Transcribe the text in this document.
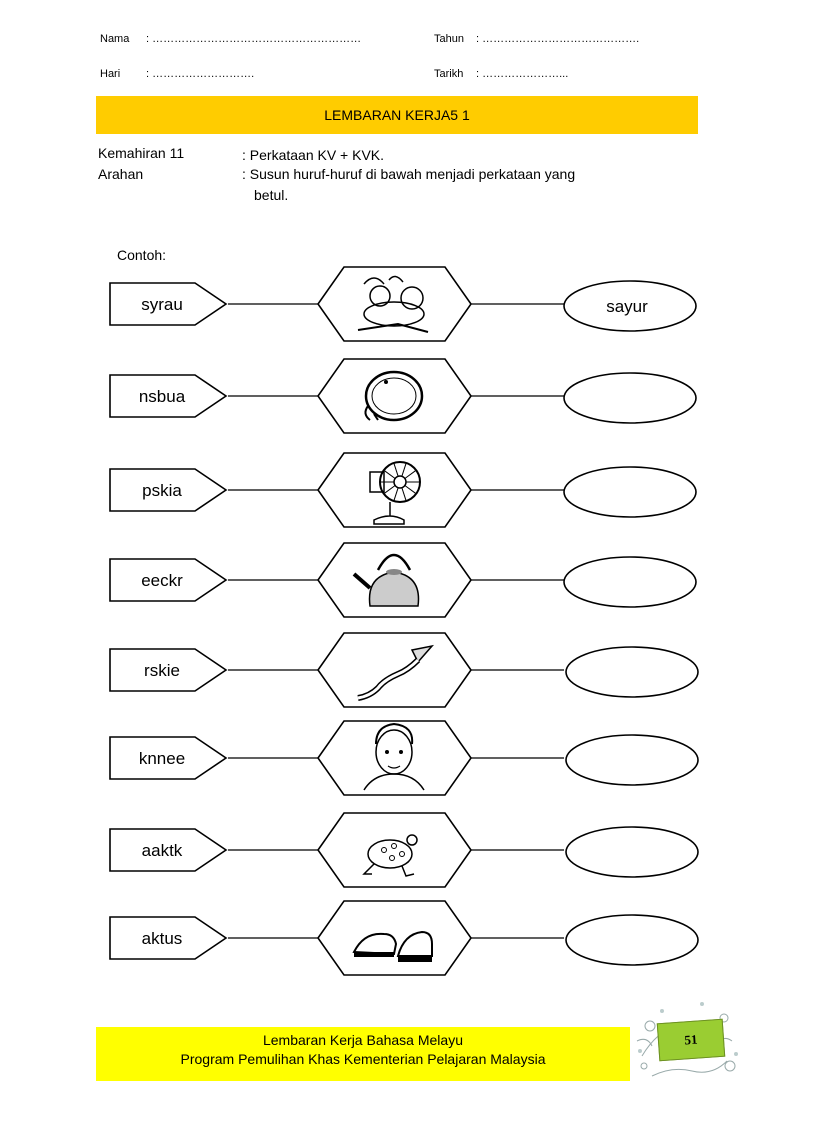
Nama : …………………………………………………	Tahun : …………………………………….
Hari : ……………………….	Tarikh : …………………...
LEMBARAN KERJA5 1
Kemahiran 11	: Perkataan KV + KVK.
Arahan	: Susun huruf-huruf di bawah menjadi perkataan yang
betul.
Contoh:
syrau	sayur
nsbua
pskia
eeckr
rskie
knnee
aaktk
aktus
Lembaran Kerja Bahasa Melayu
Program Pemulihan Khas Kementerian Pelajaran Malaysia
51
